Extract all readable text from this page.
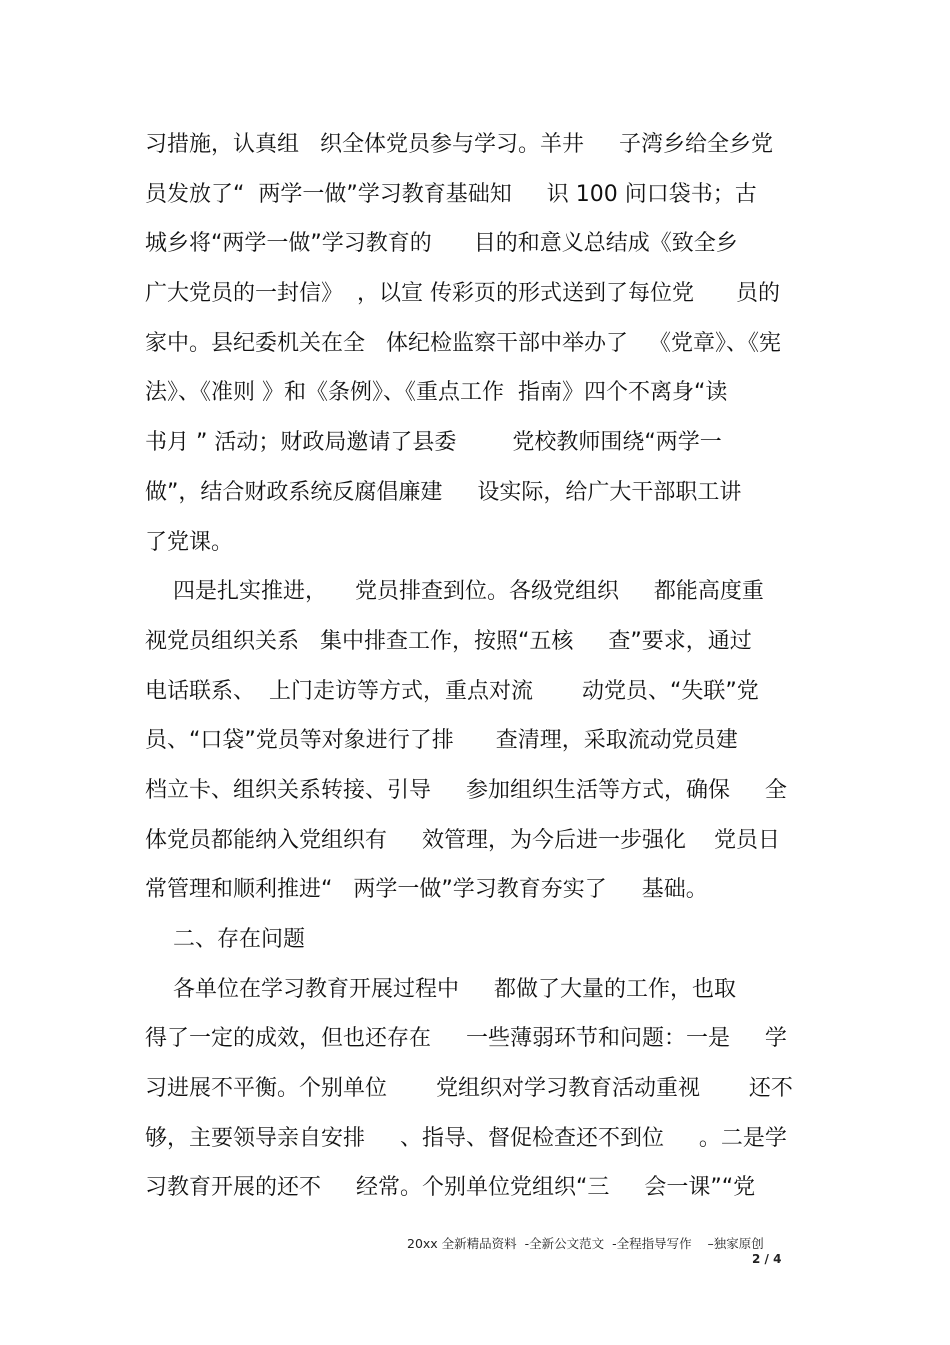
习措施，认真组   织全体党员参与学习。羊井     子湾乡给全乡党
员发放了“  两学一做”学习教育基础知     识 100 问口袋书；古
城乡将“两学一做”学习教育的      目的和意义总结成《致全乡
广大党员的一封信》  ，以宣 传彩页的形式送到了每位党      员的
家中。县纪委机关在全   体纪检监察干部中举办了   《党章》、《宪
法》、《准则 》和《条例》、《重点工作  指南》四个不离身“读
书月 ” 活动；财政局邀请了县委        党校教师围绕“两学一
做”，结合财政系统反腐倡廉建     设实际，给广大干部职工讲
了党课。
四是扎实推进，    党员排查到位。各级党组织     都能高度重
视党员组织关系   集中排查工作，按照“五核     查”要求，通过
电话联系、  上门走访等方式，重点对流       动党员、“失联”党
员、“口袋”党员等对象进行了排      查清理，采取流动党员建
档立卡、组织关系转接、引导     参加组织生活等方式，确保     全
体党员都能纳入党组织有     效管理，为今后进一步强化    党员日
常管理和顺利推进“   两学一做”学习教育夯实了     基础。
二、存在问题
各单位在学习教育开展过程中     都做了大量的工作，也取
得了一定的成效，但也还存在     一些薄弱环节和问题：一是     学
习进展不平衡。个别单位       党组织对学习教育活动重视       还不
够，主要领导亲自安排     、指导、督促检查还不到位     。二是学
习教育开展的还不     经常。个别单位党组织“三     会一课”“党
20xx 全新精品资料  -全新公文范文  -全程指导写作    –独家原创
2 / 4
